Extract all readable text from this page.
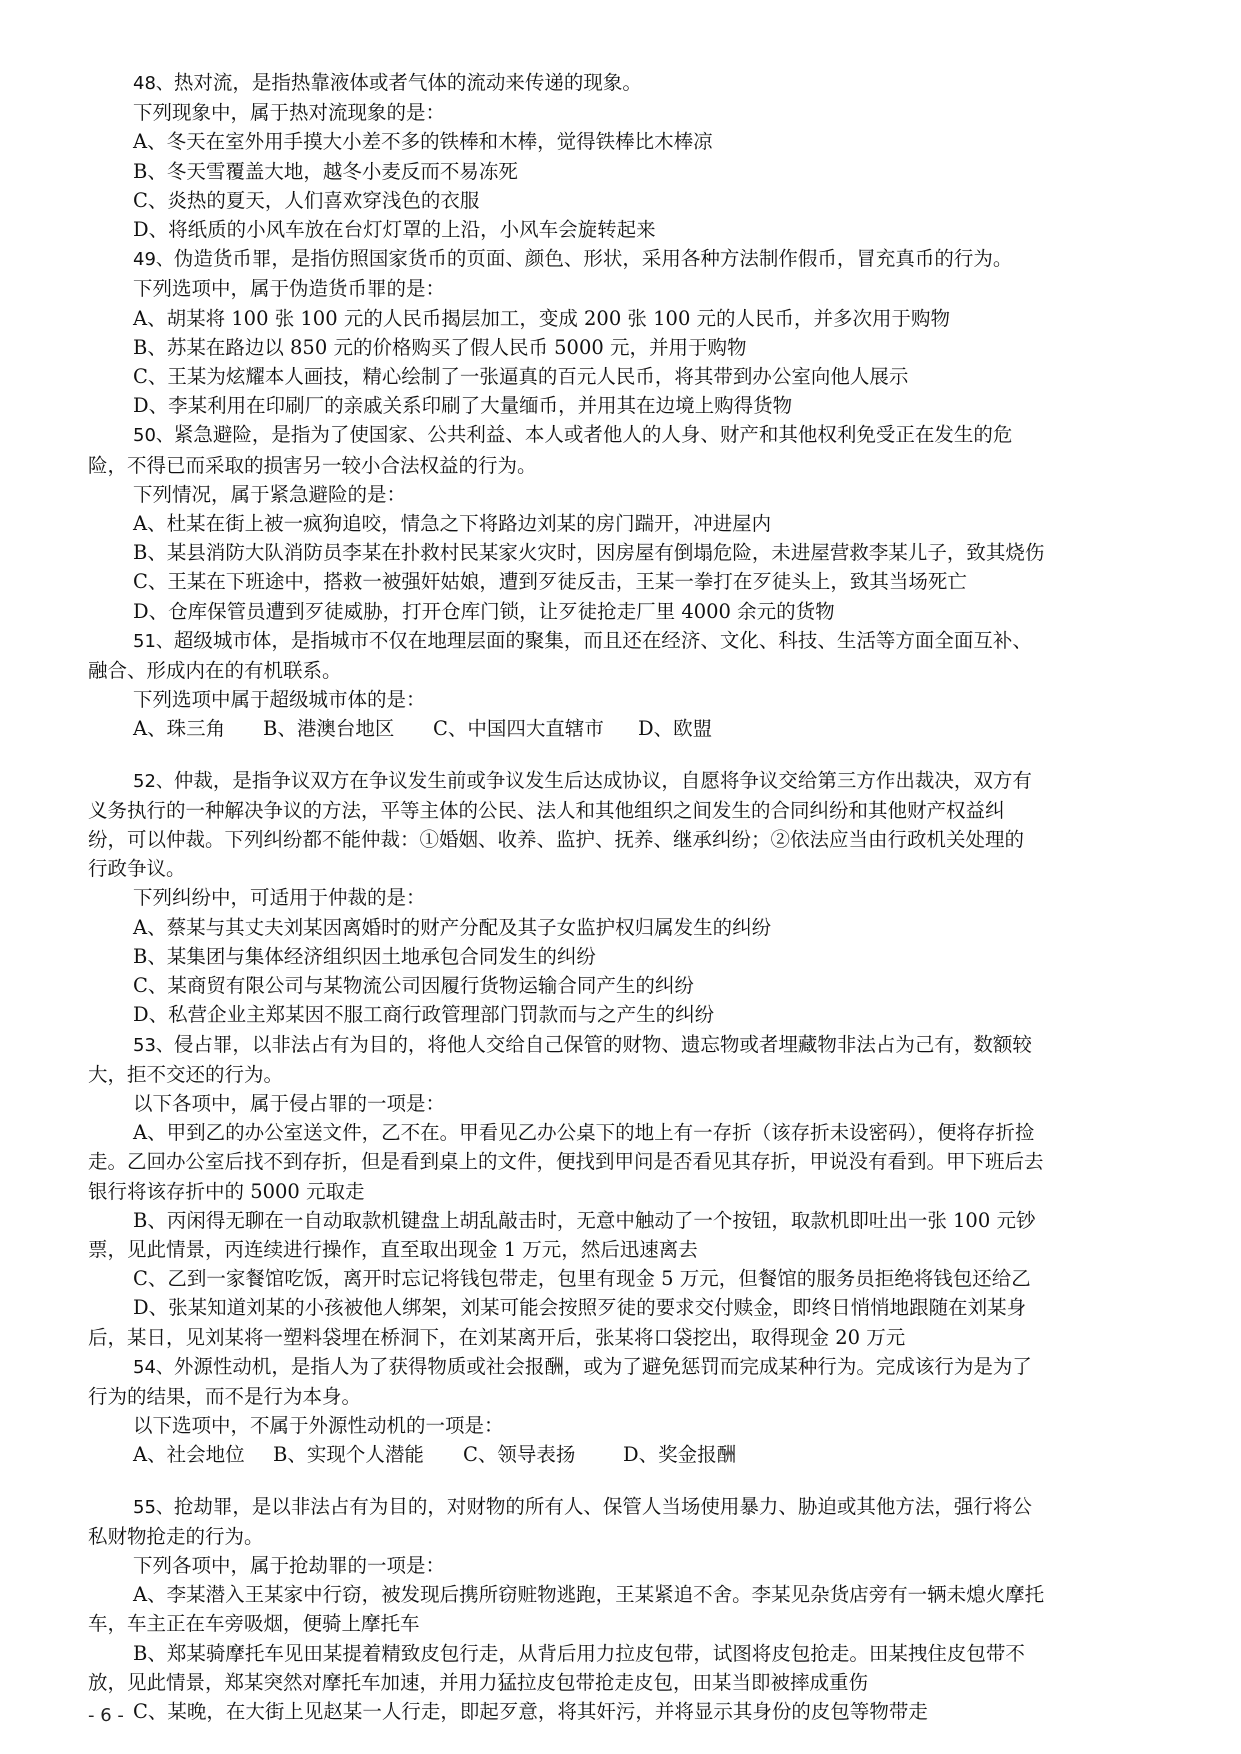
48、热对流，是指热靠液体或者气体的流动来传递的现象。
下列现象中，属于热对流现象的是：
A、冬天在室外用手摸大小差不多的铁棒和木棒，觉得铁棒比木棒凉
B、冬天雪覆盖大地，越冬小麦反而不易冻死
C、炎热的夏天，人们喜欢穿浅色的衣服
D、将纸质的小风车放在台灯灯罩的上沿，小风车会旋转起来
49、伪造货币罪，是指仿照国家货币的页面、颜色、形状，采用各种方法制作假币，冒充真币的行为。
下列选项中，属于伪造货币罪的是：
A、胡某将 100 张 100 元的人民币揭层加工，变成 200 张 100 元的人民币，并多次用于购物
B、苏某在路边以 850 元的价格购买了假人民币 5000 元，并用于购物
C、王某为炫耀本人画技，精心绘制了一张逼真的百元人民币，将其带到办公室向他人展示
D、李某利用在印刷厂的亲戚关系印刷了大量缅币，并用其在边境上购得货物
50、紧急避险，是指为了使国家、公共利益、本人或者他人的人身、财产和其他权利免受正在发生的危
险，不得已而采取的损害另一较小合法权益的行为。
下列情况，属于紧急避险的是：
A、杜某在街上被一疯狗追咬，情急之下将路边刘某的房门踹开，冲进屋内
B、某县消防大队消防员李某在扑救村民某家火灾时，因房屋有倒塌危险，未进屋营救李某儿子，致其烧伤
C、王某在下班途中，搭救一被强奸姑娘，遭到歹徒反击，王某一拳打在歹徒头上，致其当场死亡
D、仓库保管员遭到歹徒威胁，打开仓库门锁，让歹徒抢走厂里 4000 余元的货物
51、超级城市体，是指城市不仅在地理层面的聚集，而且还在经济、文化、科技、生活等方面全面互补、
融合、形成内在的有机联系。
下列选项中属于超级城市体的是：
A、珠三角	B、港澳台地区	C、中国四大直辖市	D、欧盟
52、仲裁，是指争议双方在争议发生前或争议发生后达成协议，自愿将争议交给第三方作出裁决，双方有
义务执行的一种解决争议的方法，平等主体的公民、法人和其他组织之间发生的合同纠纷和其他财产权益纠
纷，可以仲裁。下列纠纷都不能仲裁：①婚姻、收养、监护、抚养、继承纠纷；②依法应当由行政机关处理的
行政争议。
下列纠纷中，可适用于仲裁的是：
A、蔡某与其丈夫刘某因离婚时的财产分配及其子女监护权归属发生的纠纷
B、某集团与集体经济组织因土地承包合同发生的纠纷
C、某商贸有限公司与某物流公司因履行货物运输合同产生的纠纷
D、私营企业主郑某因不服工商行政管理部门罚款而与之产生的纠纷
53、侵占罪，以非法占有为目的，将他人交给自己保管的财物、遗忘物或者埋藏物非法占为己有，数额较
大，拒不交还的行为。
以下各项中，属于侵占罪的一项是：
A、甲到乙的办公室送文件，乙不在。甲看见乙办公桌下的地上有一存折（该存折未设密码），便将存折捡
走。乙回办公室后找不到存折，但是看到桌上的文件，便找到甲问是否看见其存折，甲说没有看到。甲下班后去
银行将该存折中的 5000 元取走
B、丙闲得无聊在一自动取款机键盘上胡乱敲击时，无意中触动了一个按钮，取款机即吐出一张 100 元钞
票，见此情景，丙连续进行操作，直至取出现金 1 万元，然后迅速离去
C、乙到一家餐馆吃饭，离开时忘记将钱包带走，包里有现金 5 万元，但餐馆的服务员拒绝将钱包还给乙
D、张某知道刘某的小孩被他人绑架，刘某可能会按照歹徒的要求交付赎金，即终日悄悄地跟随在刘某身
后，某日，见刘某将一塑料袋埋在桥洞下，在刘某离开后，张某将口袋挖出，取得现金 20 万元
54、外源性动机，是指人为了获得物质或社会报酬，或为了避免惩罚而完成某种行为。完成该行为是为了
行为的结果，而不是行为本身。
以下选项中，不属于外源性动机的一项是：
A、社会地位	B、实现个人潜能	C、领导表扬	D、奖金报酬
55、抢劫罪，是以非法占有为目的，对财物的所有人、保管人当场使用暴力、胁迫或其他方法，强行将公
私财物抢走的行为。
下列各项中，属于抢劫罪的一项是：
A、李某潜入王某家中行窃，被发现后携所窃赃物逃跑，王某紧追不舍。李某见杂货店旁有一辆未熄火摩托
车，车主正在车旁吸烟，便骑上摩托车
B、郑某骑摩托车见田某提着精致皮包行走，从背后用力拉皮包带，试图将皮包抢走。田某拽住皮包带不
放，见此情景，郑某突然对摩托车加速，并用力猛拉皮包带抢走皮包，田某当即被摔成重伤
C、某晚，在大街上见赵某一人行走，即起歹意，将其奸污，并将显示其身份的皮包等物带走
- 6 -
